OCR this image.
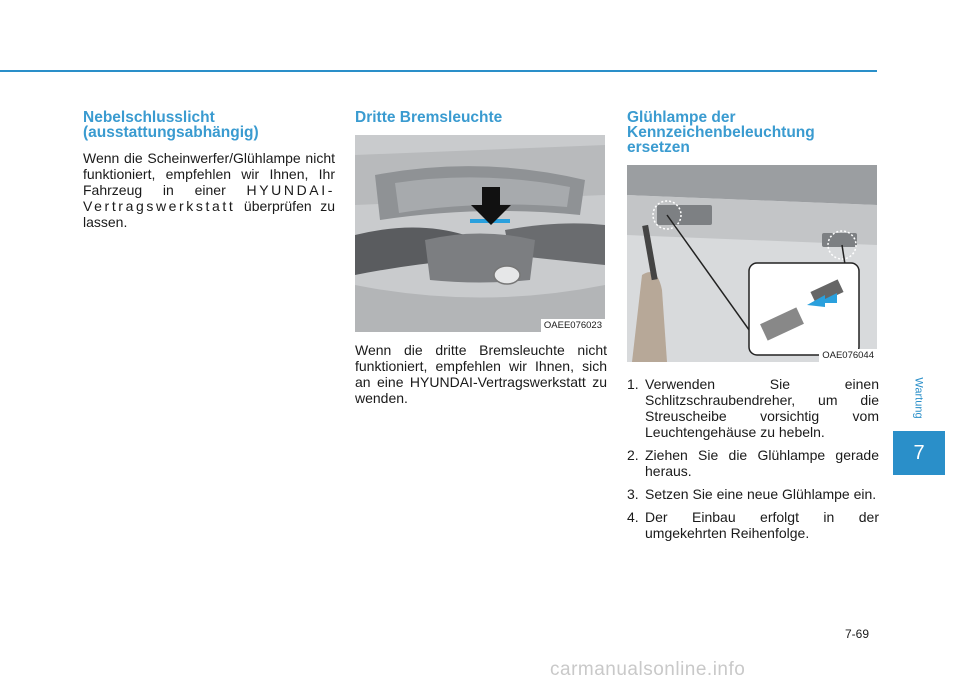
Nebelschlusslicht (ausstattungsabhängig)

Wenn die Scheinwerfer/Glühlampe nicht funktioniert, empfehlen wir Ihnen, Ihr Fahrzeug in einer HYUNDAI-Vertragswerkstatt überprüfen zu lassen.

Dritte Bremsleuchte
OAEE076023

Wenn die dritte Bremsleuchte nicht funktioniert, empfehlen wir Ihnen, sich an eine HYUNDAI-Vertragswerkstatt zu wenden.

Glühlampe der Kennzeichenbeleuchtung ersetzen
OAE076044
1. Verwenden Sie einen Schlitzschraubendreher, um die Streuscheibe vorsichtig vom Leuchtengehäuse zu hebeln.
2. Ziehen Sie die Glühlampe gerade heraus.
3. Setzen Sie eine neue Glühlampe ein.
4. Der Einbau erfolgt in der umgekehrten Reihenfolge.
Wartung
7
7-69
carmanualsonline.info
